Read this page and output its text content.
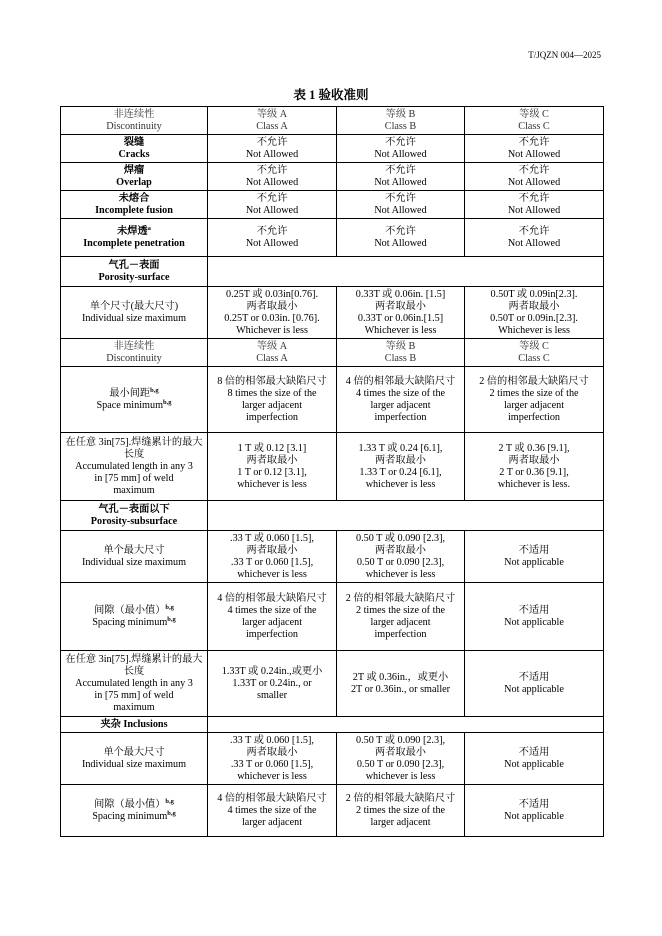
T/JQZN 004—2025
表 1 验收准则
非连续性
Discontinuity	等级 A
Class A	等级 B
Class B	等级 C
Class C

裂缝
Cracks	不允许
Not Allowed	不允许
Not Allowed	不允许
Not Allowed

焊瘤
Overlap	不允许
Not Allowed	不允许
Not Allowed	不允许
Not Allowed

未熔合
Incomplete fusion	不允许
Not Allowed	不允许
Not Allowed	不允许
Not Allowed

未焊透$^a$
Incomplete penetration	不允许
Not Allowed	不允许
Not Allowed	不允许
Not Allowed

气孔－表面
Porosity-surface			

单个尺寸(最大尺寸)
Individual size maximum	0.25T 或 0.03in[0.76].
两者取最小
0.25T or 0.03in. [0.76].
Whichever is less	0.33T 或 0.06in. [1.5]
两者取最小
0.33T or 0.06in.[1.5]
Whichever is less	0.50T 或 0.09in[2.3].
两者取最小
0.50T or 0.09in.[2.3].
Whichever is less

非连续性
Discontinuity	等级 A
Class A	等级 B
Class B	等级 C
Class C

最小间距$^{b,g}$
Space minimum$^{b,g}$	8 倍的相邻最大缺陷尺寸
8 times the size of the
larger adjacent
imperfection	4 倍的相邻最大缺陷尺寸
4 times the size of the
larger adjacent
imperfection	2 倍的相邻最大缺陷尺寸
2 times the size of the
larger adjacent
imperfection

在任意 3in[75].焊缝累计的最大长度
Accumulated length in any 3
in [75 mm] of weld
maximum	1 T 或 0.12 [3.1]
两者取最小
1 T or 0.12 [3.1],
whichever is less	1.33 T 或 0.24 [6.1],
两者取最小
1.33 T or 0.24 [6.1],
whichever is less	2 T 或 0.36 [9.1],
两者取最小
2 T or 0.36 [9.1],
whichever is less.

气孔－表面以下
Porosity-subsurface			

单个最大尺寸
Individual size maximum	.33 T 或 0.060 [1.5],
两者取最小
.33 T or 0.060 [1.5],
whichever is less	0.50 T 或 0.090 [2.3],
两者取最小
0.50 T or 0.090 [2.3],
whichever is less	不适用
Not applicable

间隙（最小值）$^{b,g}$
Spacing minimum$^{b,g}$	4 倍的相邻最大缺陷尺寸
4 times the size of the
larger adjacent
imperfection	2 倍的相邻最大缺陷尺寸
2 times the size of the
larger adjacent
imperfection	不适用
Not applicable

在任意 3in[75].焊缝累计的最大长度
Accumulated length in any 3
in [75 mm] of weld
maximum	1.33T 或 0.24in.,或更小
1.33T or 0.24in., or
smaller	2T 或 0.36in.，或更小
2T or 0.36in., or smaller	不适用
Not applicable

夹杂 Inclusions			

单个最大尺寸
Individual size maximum	.33 T 或 0.060 [1.5],
两者取最小
.33 T or 0.060 [1.5],
whichever is less	0.50 T 或 0.090 [2.3],
两者取最小
0.50 T or 0.090 [2.3],
whichever is less	不适用
Not applicable

间隙（最小值）$^{b,g}$
Spacing minimum$^{b,g}$	4 倍的相邻最大缺陷尺寸
4 times the size of the
larger adjacent	2 倍的相邻最大缺陷尺寸
2 times the size of the
larger adjacent	不适用
Not applicable
